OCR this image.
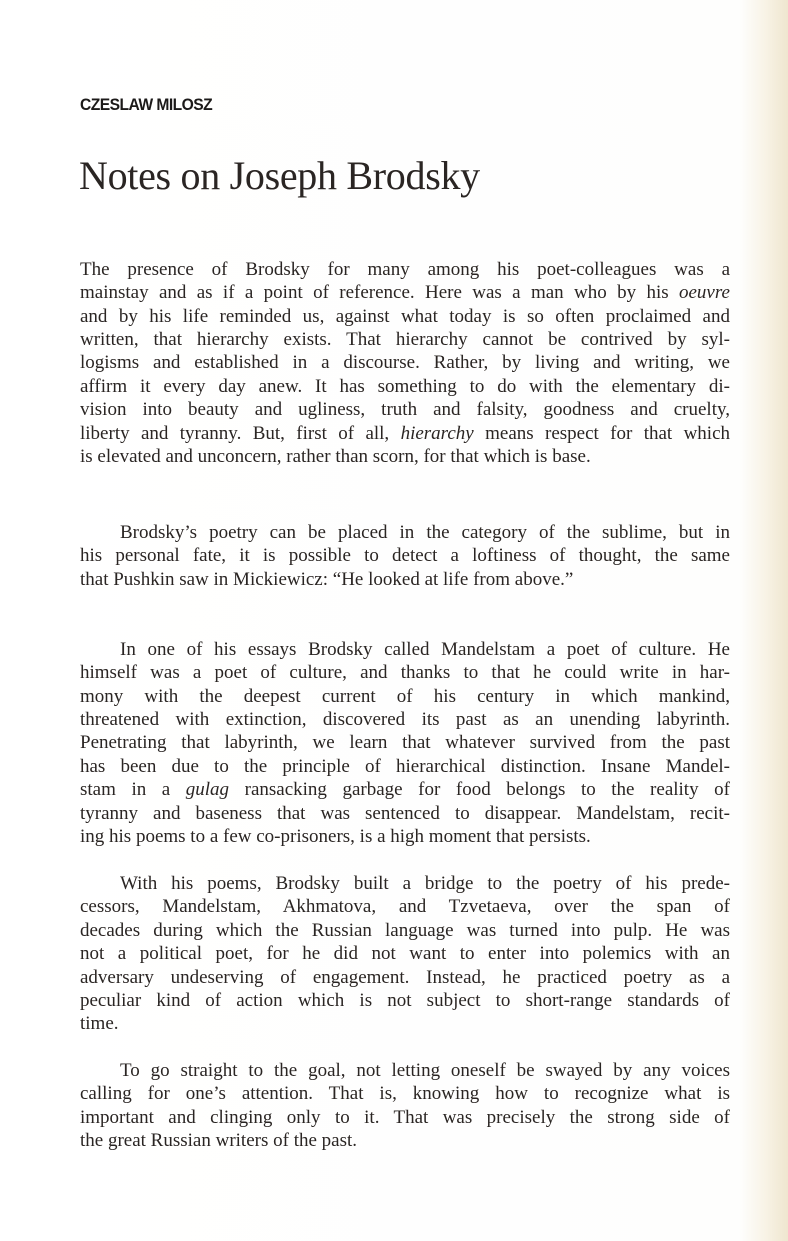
CZESLAW MILOSZ
Notes on Joseph Brodsky
The presence of Brodsky for many among his poet-colleagues was a
mainstay and as if a point of reference. Here was a man who by his oeuvre
and by his life reminded us, against what today is so often proclaimed and
written, that hierarchy exists. That hierarchy cannot be contrived by syl-
logisms and established in a discourse. Rather, by living and writing, we
affirm it every day anew. It has something to do with the elementary di-
vision into beauty and ugliness, truth and falsity, goodness and cruelty,
liberty and tyranny. But, first of all, hierarchy means respect for that which
is elevated and unconcern, rather than scorn, for that which is base.
Brodsky’s poetry can be placed in the category of the sublime, but in
his personal fate, it is possible to detect a loftiness of thought, the same
that Pushkin saw in Mickiewicz: “He looked at life from above.”
In one of his essays Brodsky called Mandelstam a poet of culture. He
himself was a poet of culture, and thanks to that he could write in har-
mony with the deepest current of his century in which mankind,
threatened with extinction, discovered its past as an unending labyrinth.
Penetrating that labyrinth, we learn that whatever survived from the past
has been due to the principle of hierarchical distinction. Insane Mandel-
stam in a gulag ransacking garbage for food belongs to the reality of
tyranny and baseness that was sentenced to disappear. Mandelstam, recit-
ing his poems to a few co-prisoners, is a high moment that persists.
With his poems, Brodsky built a bridge to the poetry of his prede-
cessors, Mandelstam, Akhmatova, and Tzvetaeva, over the span of
decades during which the Russian language was turned into pulp. He was
not a political poet, for he did not want to enter into polemics with an
adversary undeserving of engagement. Instead, he practiced poetry as a
peculiar kind of action which is not subject to short-range standards of
time.
To go straight to the goal, not letting oneself be swayed by any voices
calling for one’s attention. That is, knowing how to recognize what is
important and clinging only to it. That was precisely the strong side of
the great Russian writers of the past.
